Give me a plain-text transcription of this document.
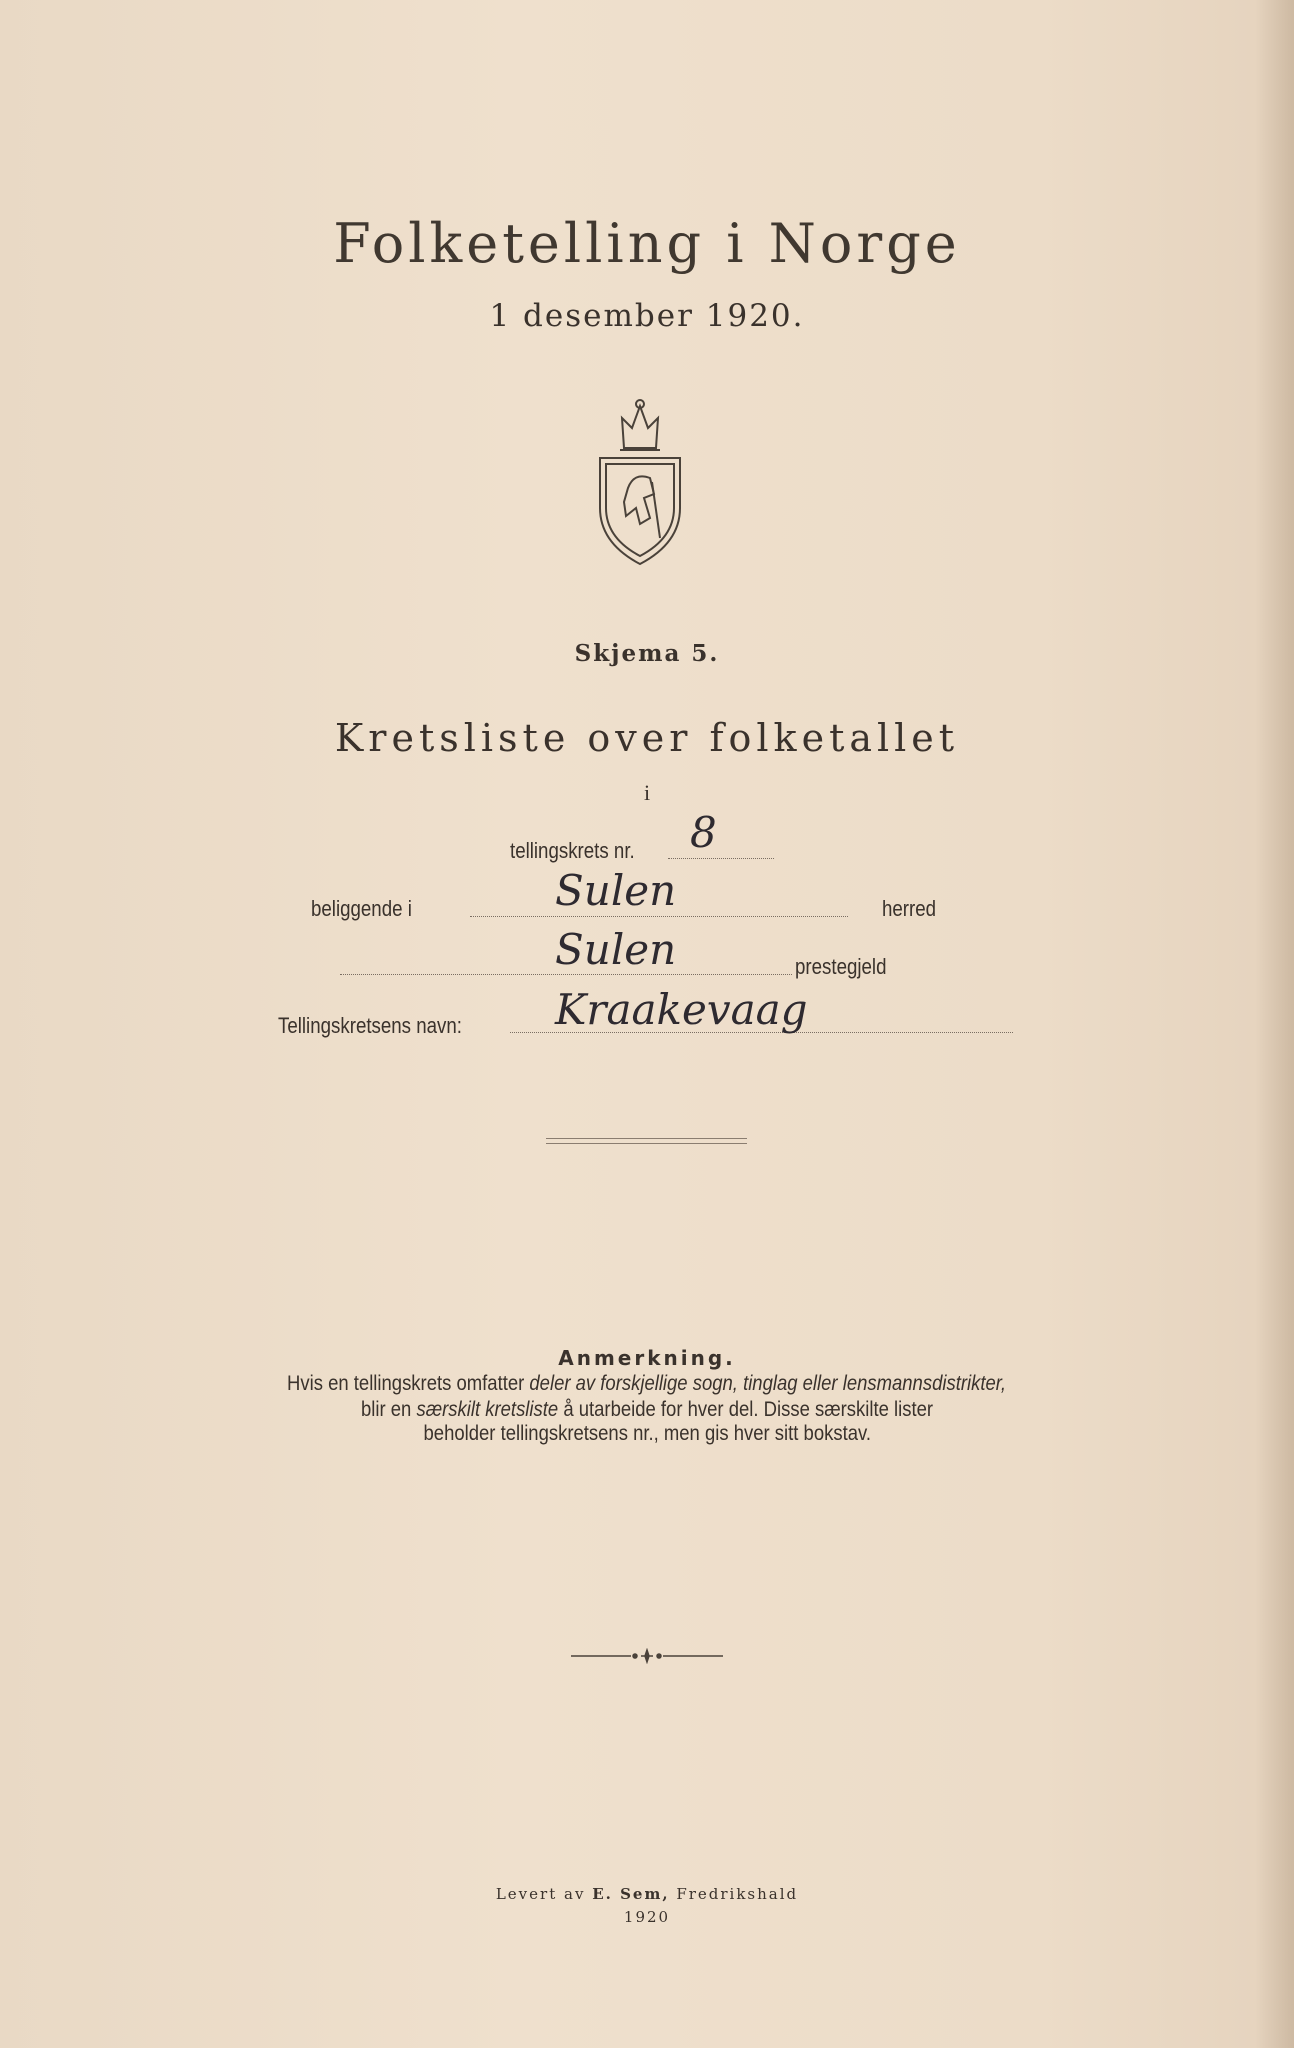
Folketelling i Norge
1 desember 1920.
Skjema 5.
Kretsliste over folketallet
i
tellingskrets nr. 8
beliggende i	Sulen	herred
Sulen	prestegjeld
Tellingskretsens navn: Kraakevaag
Anmerkning.
Hvis en tellingskrets omfatter deler av forskjellige sogn, tinglag eller lensmannsdistrikter,
blir en særskilt kretsliste å utarbeide for hver del. Disse særskilte lister
beholder tellingskretsens nr., men gis hver sitt bokstav.
Levert av E. Sem, Fredrikshald
1920
